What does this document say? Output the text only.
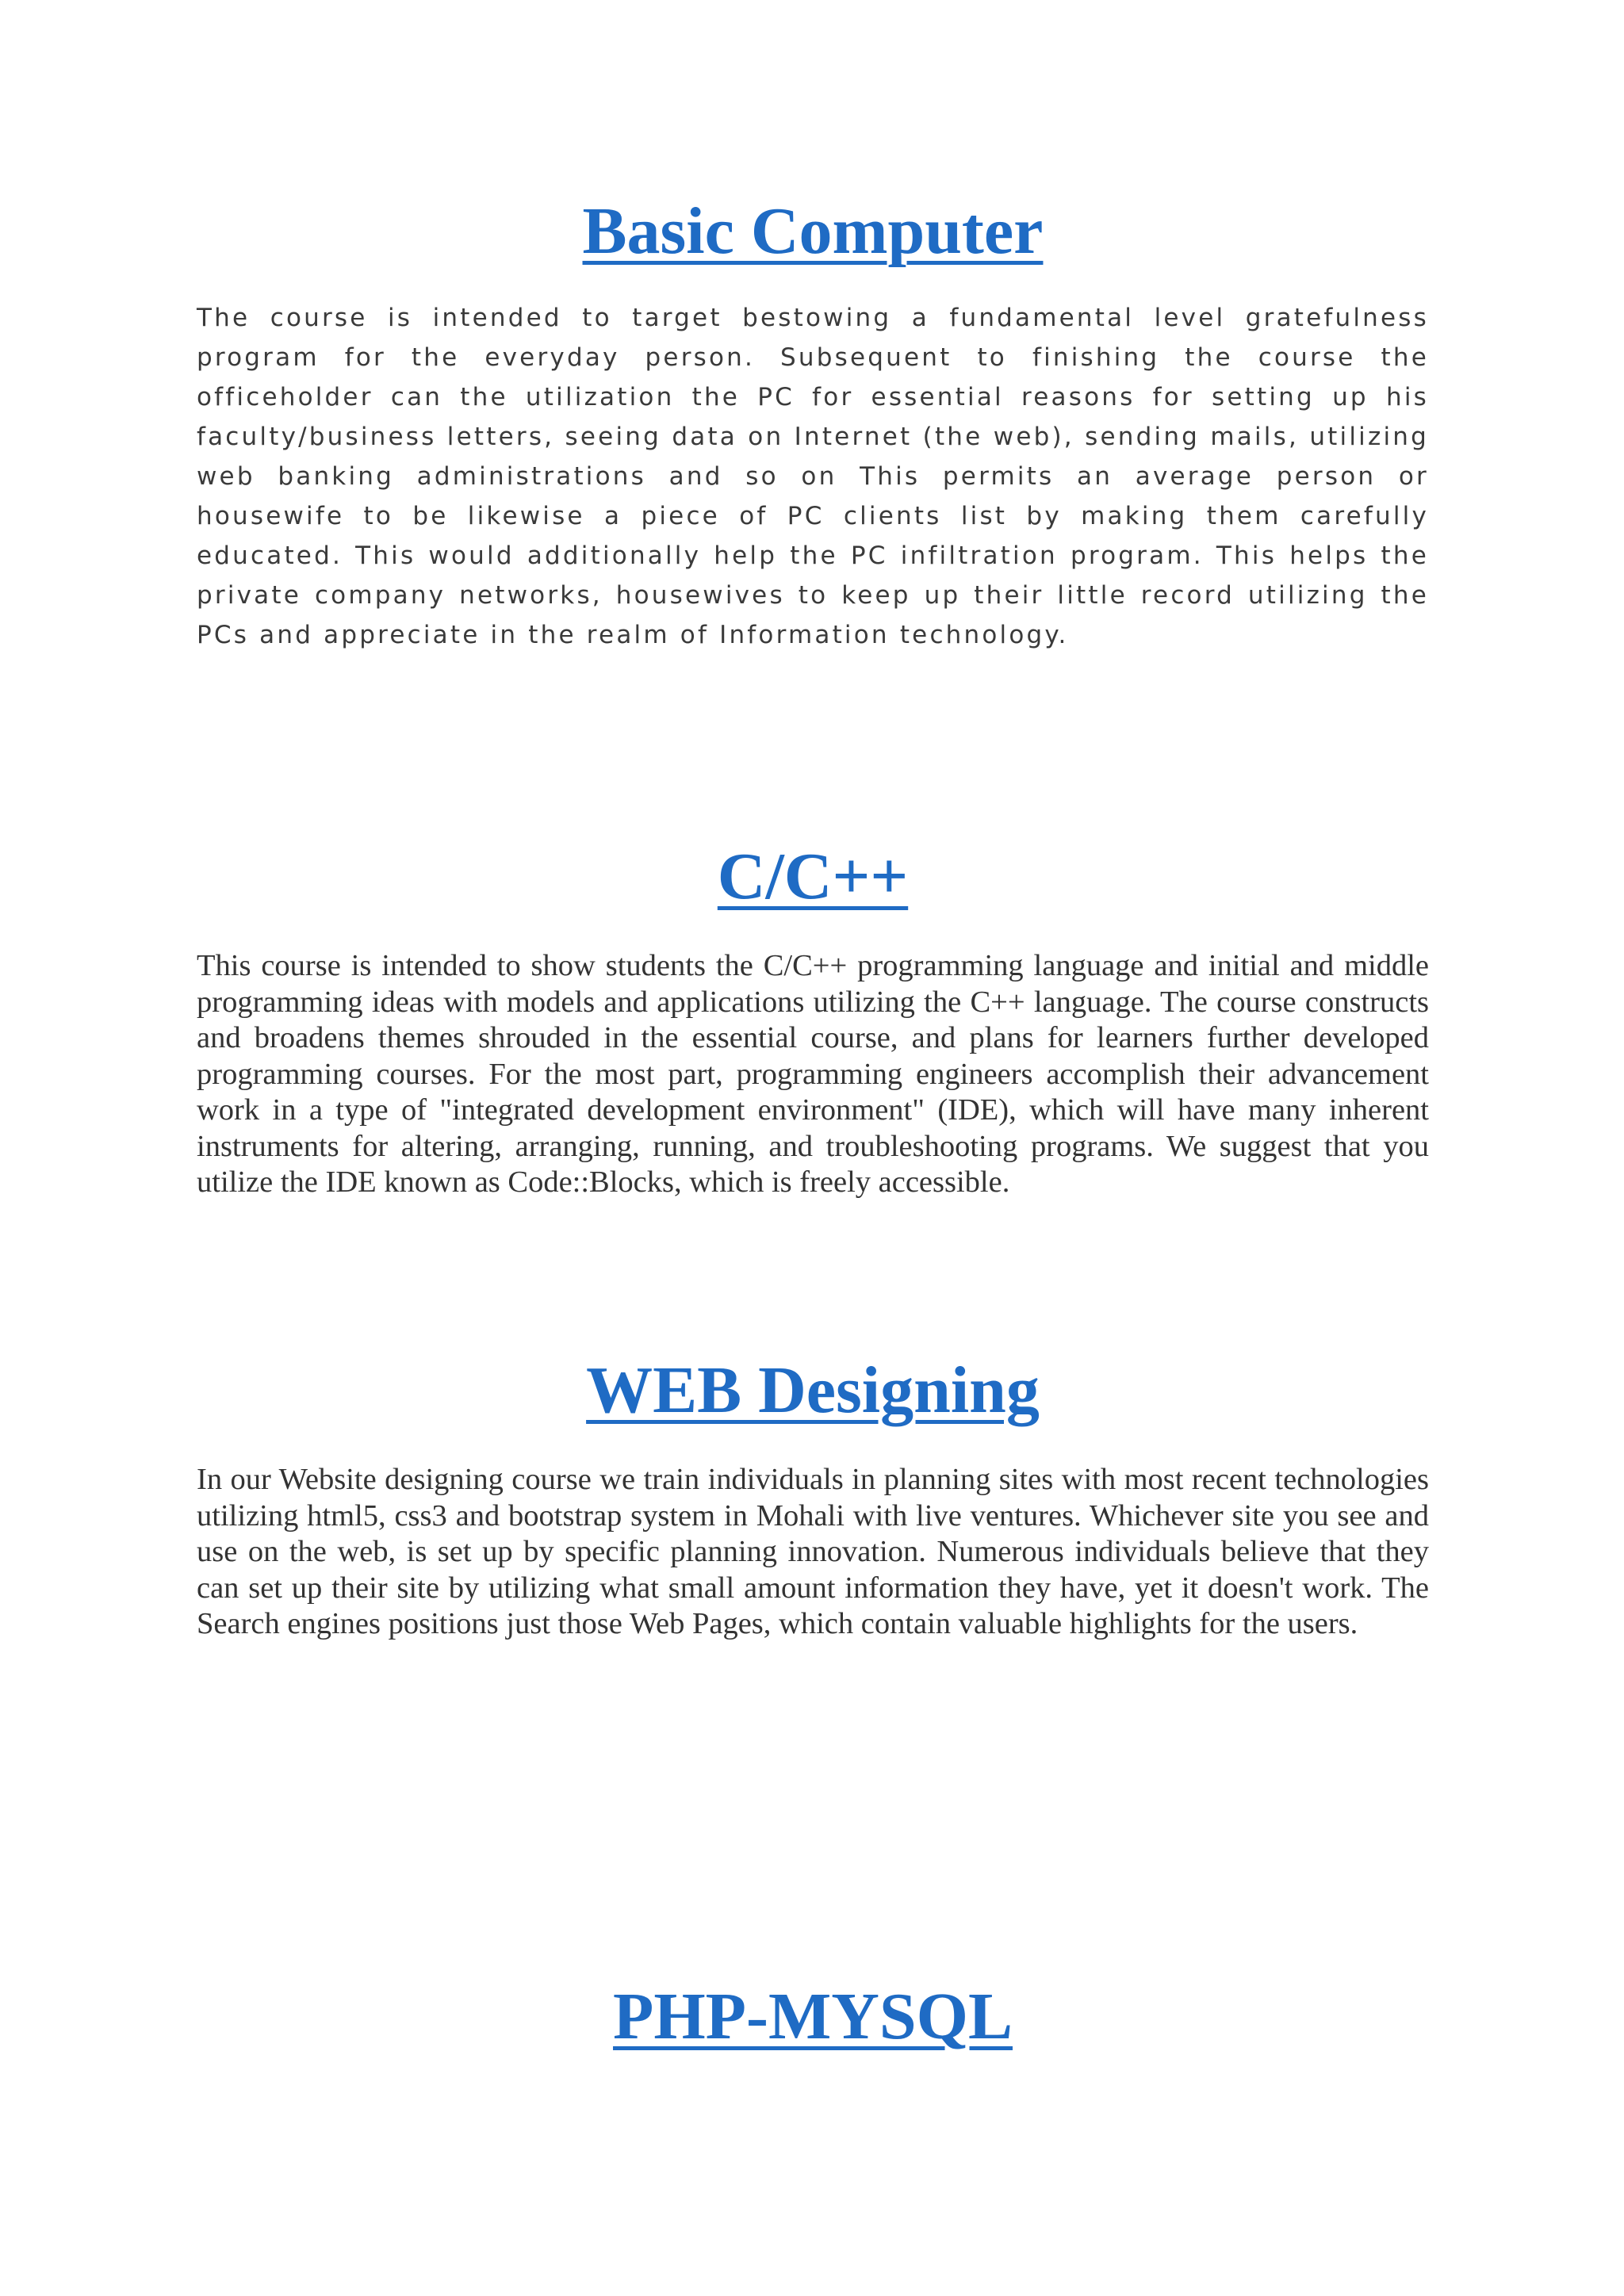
Basic Computer

The course is intended to target bestowing a fundamental level gratefulness program for the everyday person. Subsequent to finishing the course the officeholder can the utilization the PC for essential reasons for setting up his faculty/business letters, seeing data on Internet (the web), sending mails, utilizing web banking administrations and so on This permits an average person or housewife to be likewise a piece of PC clients list by making them carefully educated. This would additionally help the PC infiltration program. This helps the private company networks, housewives to keep up their little record utilizing the PCs and appreciate in the realm of Information technology.

C/C++

This course is intended to show students the C/C++ programming language and initial and middle programming ideas with models and applications utilizing the C++ language. The course constructs and broadens themes shrouded in the essential course, and plans for learners further developed programming courses. For the most part, programming engineers accomplish their advancement work in a type of "integrated development environment" (IDE), which will have many inherent instruments for altering, arranging, running, and troubleshooting programs. We suggest that you utilize the IDE known as Code::Blocks, which is freely accessible.

WEB Designing

In our Website designing course we train individuals in planning sites with most recent technologies utilizing html5, css3 and bootstrap system in Mohali with live ventures. Whichever site you see and use on the web, is set up by specific planning innovation. Numerous individuals believe that they can set up their site by utilizing what small amount information they have, yet it doesn't work. The Search engines positions just those Web Pages, which contain valuable highlights for the users.

PHP-MYSQL
